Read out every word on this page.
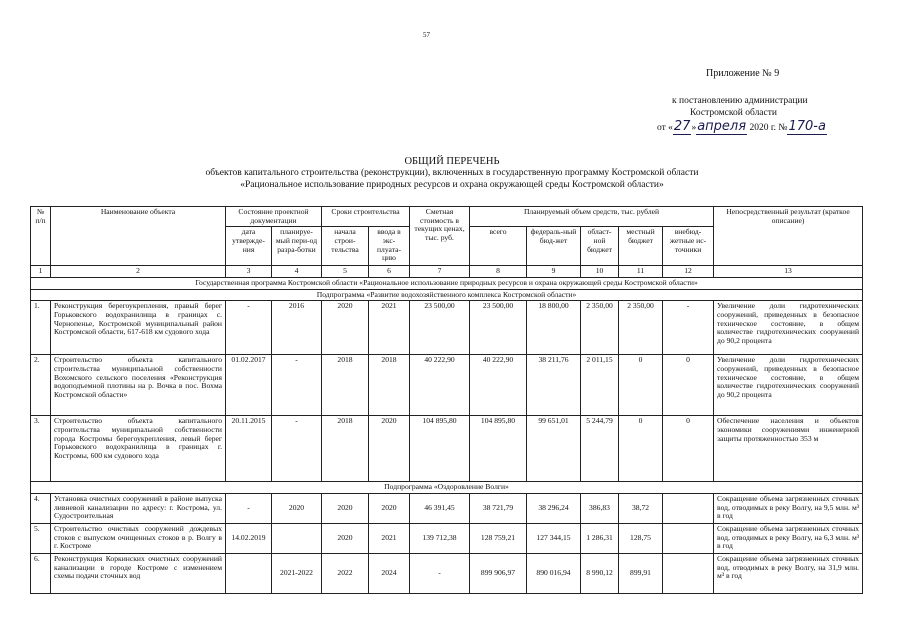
57
Приложение № 9
к постановлению администрации
Костромской области
от «27»апреля 2020 г. №170-а
ОБЩИЙ ПЕРЕЧЕНЬ
объектов капитального строительства (реконструкции), включенных в государственную программу Костромской области
«Рациональное использование природных ресурсов и охрана окружающей среды Костромской области»
№ п/п	Наименование объекта	Состояние проектной документации		Сроки строительства		Сметная стоимость в текущих ценах, тыс. руб.	Планируемый объем средств, тыс. рублей					Непосредственный результат (краткое описание)
		дата утвержде-ния	планируе-мый пери-од разра-ботки	начала строи-тельства	ввода в экс-плуата-цию		всего	федераль-ный бюд-жет	област-ной бюджет	местный бюджет	внебюд-жетные ис-точники	
1	2	3	4	5	6	7	8	9	10	11	12	13
Государственная программа Костромской области «Рациональное использование природных ресурсов и охрана окружающей среды Костромской области»												
Подпрограмма «Развитие водохозяйственного комплекса Костромской области»												
1.	Реконструкция берегоукрепления, правый берег Горьковского водохранилища в границах с. Чернопенье, Костромской муниципальный район Костромской области, 617-618 км судового хода	-	2016	2020	2021	23 500,00	23 500,00	18 800,00	2 350,00	2 350,00	-	Увеличение доли гидротехнических сооружений, приведенных в безопасное техническое состояние, в общем количестве гидротехнических сооружений до 90,2 процента
2.	Строительство объекта капитального строительства муниципальной собственности Вохомского сельского поселения «Реконструкция водоподъемной плотины на р. Вочка в пос. Вохма Костромской области»	01.02.2017	-	2018	2018	40 222,90	40 222,90	38 211,76	2 011,15	0	0	Увеличение доли гидротехнических сооружений, приведенных в безопасное техническое состояние, в общем количестве гидротехнических сооружений до 90,2 процента
3.	Строительство объекта капитального строительства муниципальной собственности города Костромы берегоукрепления, левый берег Горьковского водохранилища в границах г. Костромы, 600 км судового хода	20.11.2015	-	2018	2020	104 895,80	104 895,80	99 651,01	5 244,79	0	0	Обеспечение населения и объектов экономики сооружениями инженерной защиты протяженностью 353 м
Подпрограмма «Оздоровление Волги»												
4.	Установка очистных сооружений в районе выпуска ливневой канализации по адресу: г. Кострома, ул. Судостроительная	-	2020	2020	2020	46 391,45	38 721,79	38 296,24	386,83	38,72		Сокращение объема загрязненных сточных вод, отводимых в реку Волгу, на 9,5 млн. м³ в год
5.	Строительство очистных сооружений дождевых стоков с выпуском очищенных стоков в р. Волгу в г. Костроме	14.02.2019		2020	2021	139 712,38	128 759,21	127 344,15	1 286,31	128,75		Сокращение объема загрязненных сточных вод, отводимых в реку Волгу, на 6,3 млн. м³ в год
6.	Реконструкция Коркинских очистных сооружений канализации в городе Костроме с изменением схемы подачи сточных вод		2021-2022	2022	2024	-	899 906,97	890 016,94	8 990,12	899,91		Сокращение объема загрязненных сточных вод, отводимых в реку Волгу, на 31,9 млн. м³ в год
